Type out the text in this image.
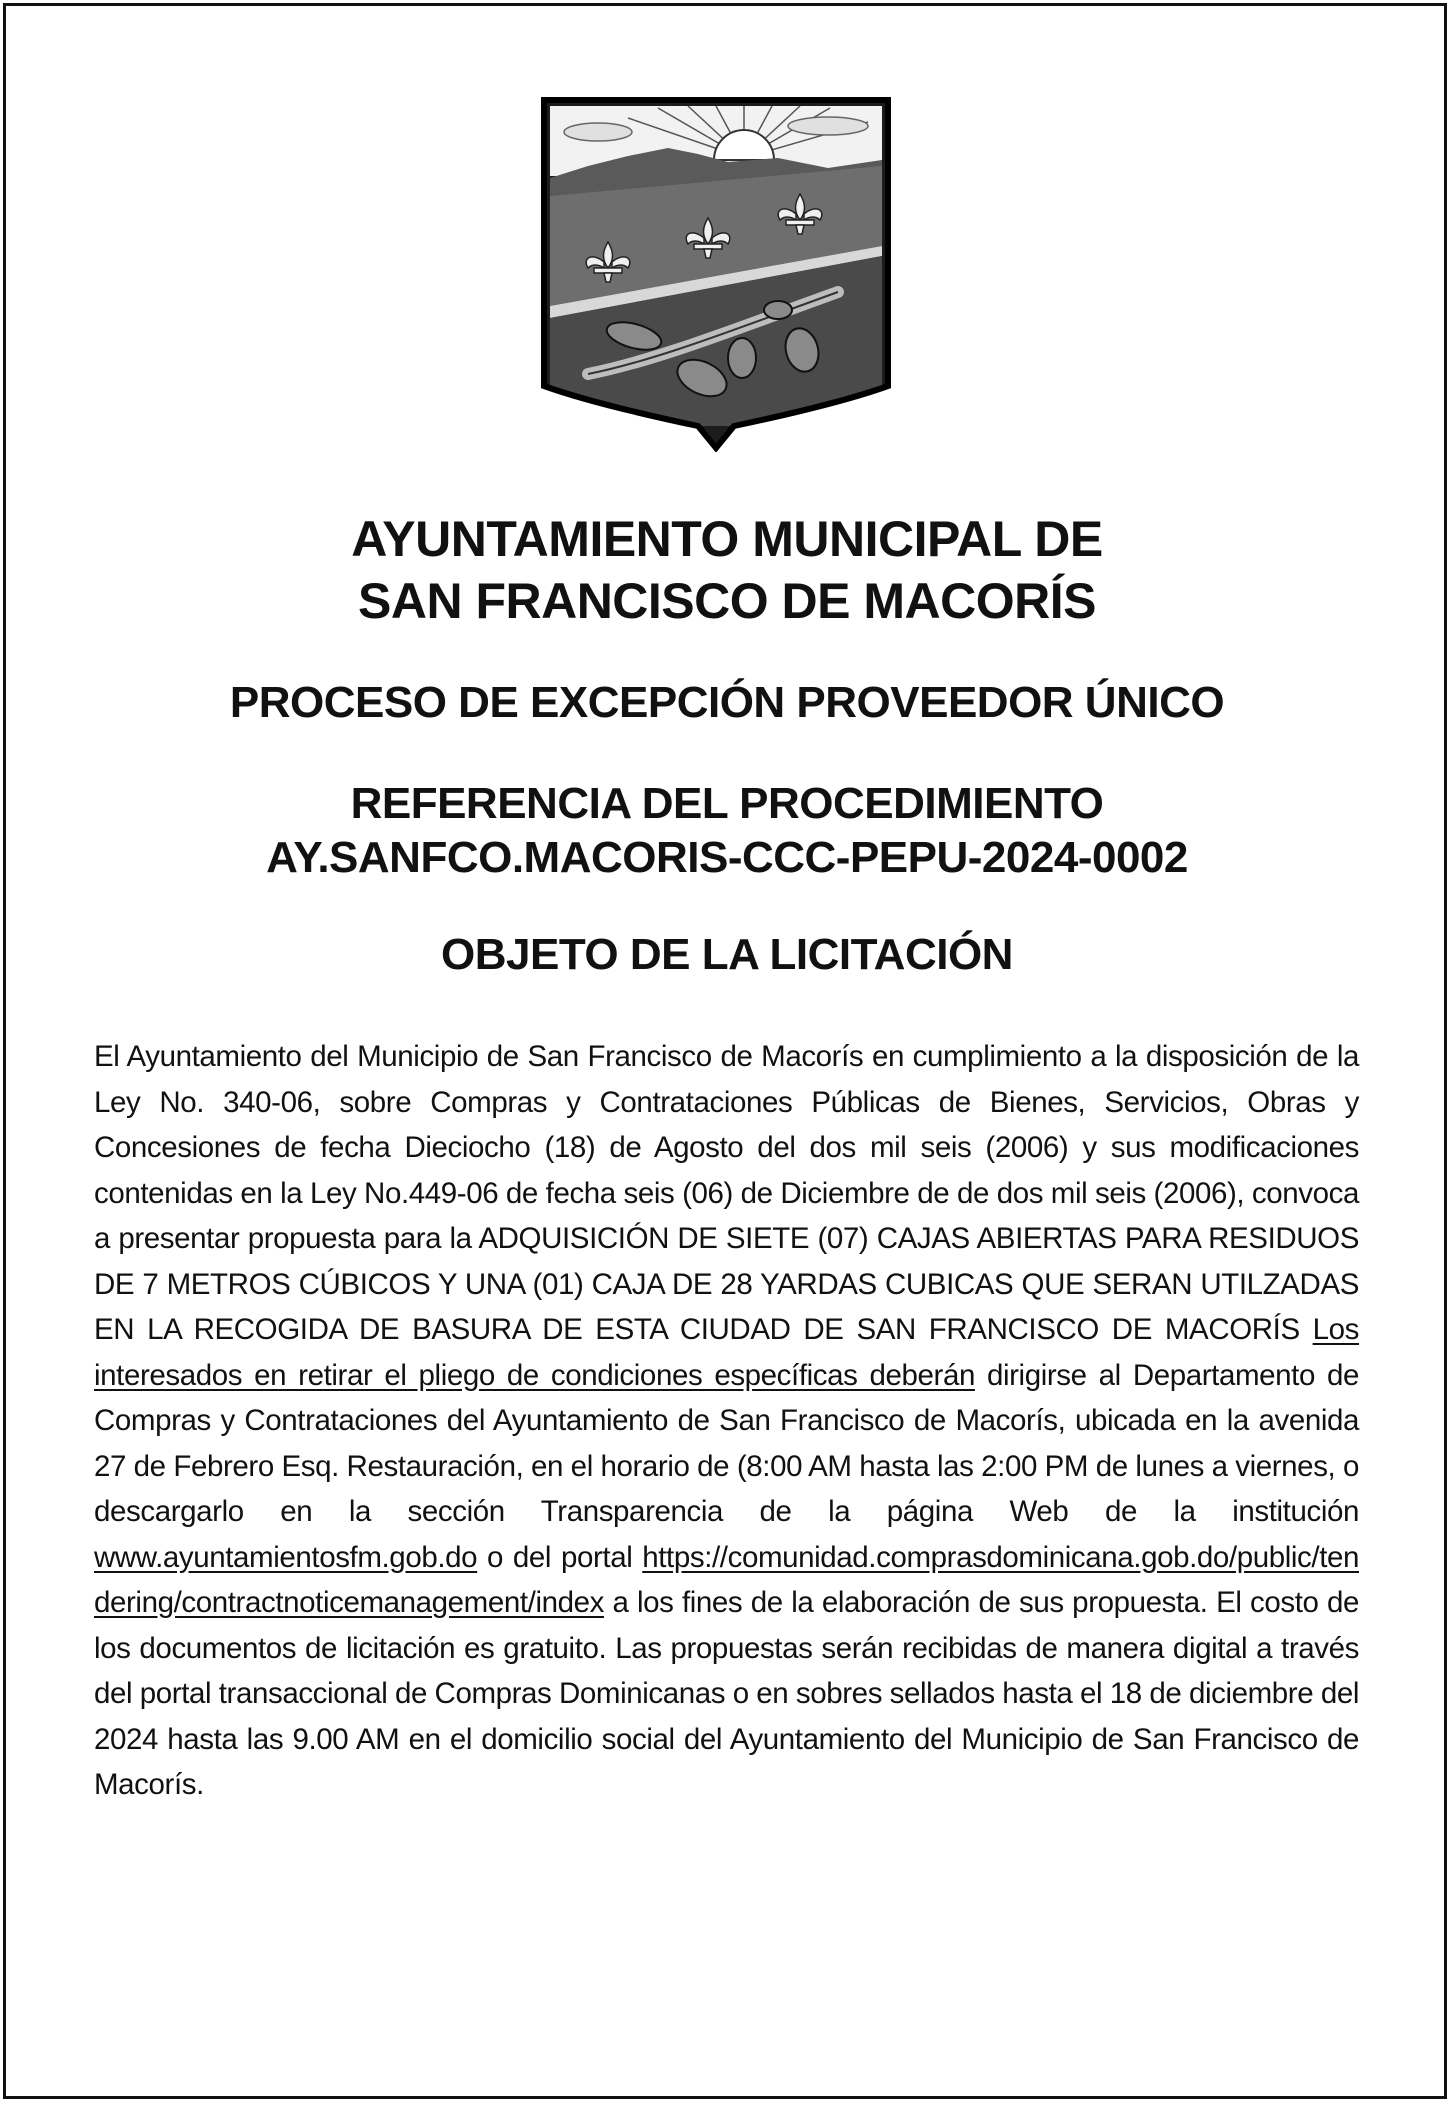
AYUNTAMIENTO MUNICIPAL DE
SAN FRANCISCO DE MACORÍS
PROCESO DE EXCEPCIÓN PROVEEDOR ÚNICO
REFERENCIA DEL PROCEDIMIENTO
AY.SANFCO.MACORIS-CCC-PEPU-2024-0002
OBJETO DE LA LICITACIÓN

El Ayuntamiento del Municipio de San Francisco de Macorís en cumplimiento a la disposición de la Ley No. 340-06, sobre Compras y Contrataciones Públicas de Bienes, Servicios, Obras y Concesiones de fecha Dieciocho (18) de Agosto del dos mil seis (2006) y sus modificaciones contenidas en la Ley No.449-06 de fecha seis (06) de Diciembre de de dos mil seis (2006), convoca a presentar propuesta para la ADQUISICIÓN DE SIETE (07) CAJAS ABIERTAS PARA RESIDUOS DE 7 METROS CÚBICOS Y UNA (01) CAJA DE 28 YARDAS CUBICAS QUE SERAN UTILZADAS EN LA RECOGIDA DE BASURA DE ESTA CIUDAD DE SAN FRANCISCO DE MACORÍS Los interesados en retirar el pliego de condiciones específicas deberán dirigirse al Departamento de Compras y Contrataciones del Ayuntamiento de San Francisco de Macorís, ubicada en la avenida 27 de Febrero Esq. Restauración, en el horario de (8:00 AM hasta las 2:00 PM de lunes a viernes, o descargarlo en la sección Transparencia de la página Web de la institución www.ayuntamientosfm.gob.do o del portal https://comunidad.comprasdominicana.gob.do/public/tendering/contractnoticemanagement/index a los fines de la elaboración de sus propuesta. El costo de los documentos de licitación es gratuito. Las propuestas serán recibidas de manera digital a través del portal transaccional de Compras Dominicanas o en sobres sellados hasta el 18 de diciembre del 2024 hasta las 9.00 AM en el domicilio social del Ayuntamiento del Municipio de San Francisco de Macorís.
